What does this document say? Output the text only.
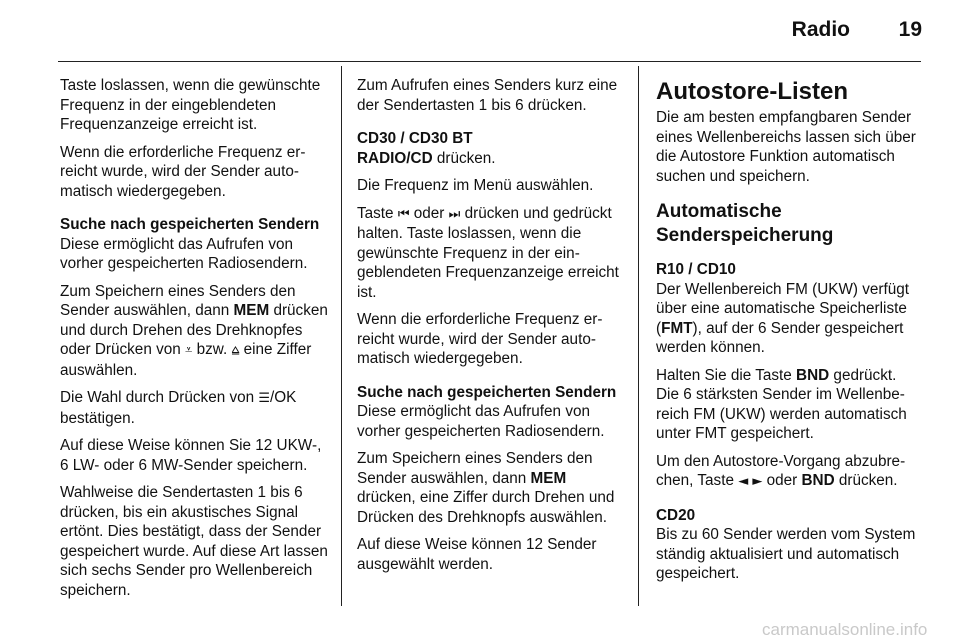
Radio	19

Taste loslassen, wenn die gewünschte Frequenz in der eingeblendeten Frequenzanzeige erreicht ist.

Wenn die erforderliche Frequenz erreicht wurde, wird der Sender automatisch wiedergegeben.

Suche nach gespeicherten Sendern

Diese ermöglicht das Aufrufen von vorher gespeicherten Radiosendern.

Zum Speichern eines Senders den Sender auswählen, dann MEM drücken und durch Drehen des Drehknopfes oder Drücken von ⩡ bzw. ⩠ eine Ziffer auswählen.

Die Wahl durch Drücken von ☰/OK bestätigen.

Auf diese Weise können Sie 12 UKW-, 6 LW- oder 6 MW-Sender speichern.

Wahlweise die Sendertasten 1 bis 6 drücken, bis ein akustisches Signal ertönt. Dies bestätigt, dass der Sender gespeichert wurde. Auf diese Art lassen sich sechs Sender pro Wellenbereich speichern.

Zum Aufrufen eines Senders kurz eine der Sendertasten 1 bis 6 drücken.

CD30 / CD30 BT

RADIO/CD drücken.

Die Frequenz im Menü auswählen.

Taste ⏮ oder ⏭ drücken und gedrückt halten. Taste loslassen, wenn die gewünschte Frequenz in der eingeblendeten Frequenzanzeige erreicht ist.

Wenn die erforderliche Frequenz erreicht wurde, wird der Sender automatisch wiedergegeben.

Suche nach gespeicherten Sendern

Diese ermöglicht das Aufrufen von vorher gespeicherten Radiosendern.

Zum Speichern eines Senders den Sender auswählen, dann MEM drücken, eine Ziffer durch Drehen und Drücken des Drehknopfs auswählen.

Auf diese Weise können 12 Sender ausgewählt werden.

Autostore-Listen

Die am besten empfangbaren Sender eines Wellenbereichs lassen sich über die Autostore Funktion automatisch suchen und speichern.

Automatische Senderspeicherung
R10 / CD10

Der Wellenbereich FM (UKW) verfügt über eine automatische Speicherliste (FMT), auf der 6 Sender gespeichert werden können.

Halten Sie die Taste BND gedrückt. Die 6 stärksten Sender im Wellenbereich FM (UKW) werden automatisch unter FMT gespeichert.

Um den Autostore-Vorgang abzubrechen, Taste ◄ ► oder BND drücken.

CD20

Bis zu 60 Sender werden vom System ständig aktualisiert und automatisch gespeichert.

carmanualsonline.info
